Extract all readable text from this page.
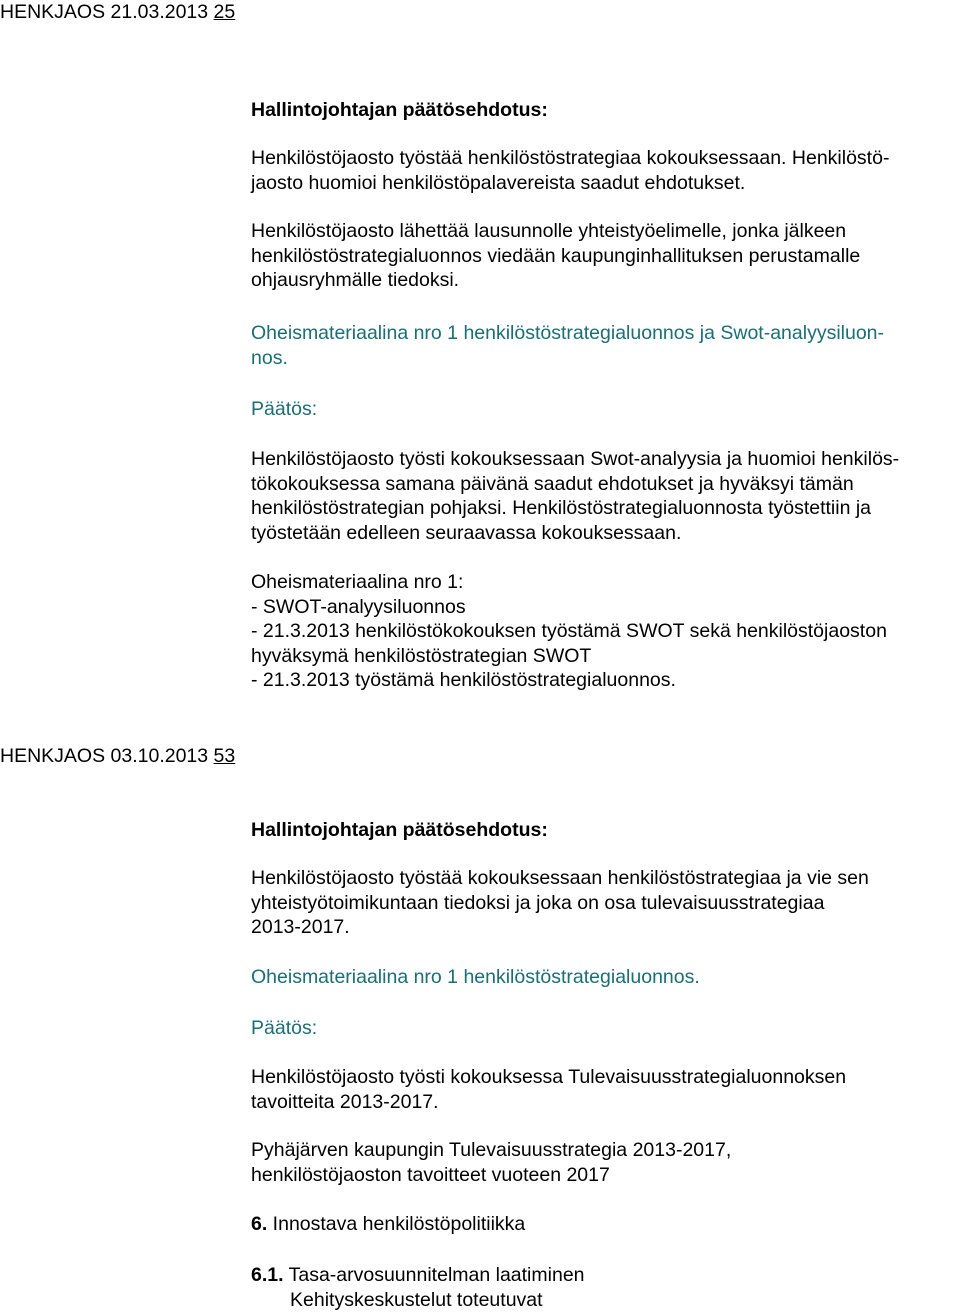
HENKJAOS 21.03.2013 25
Hallintojohtajan päätösehdotus:
Henkilöstöjaosto työstää henkilöstöstrategiaa kokouksessaan. Henkilöstö-
jaosto huomioi henkilöstöpalavereista saadut ehdotukset.
Henkilöstöjaosto lähettää lausunnolle yhteistyöelimelle, jonka jälkeen
henkilöstöstrategialuonnos viedään kaupunginhallituksen perustamalle
ohjausryhmälle tiedoksi.
Oheismateriaalina nro 1 henkilöstöstrategialuonnos ja Swot-analyysiluon-
nos.
Päätös:
Henkilöstöjaosto työsti kokouksessaan Swot-analyysia ja huomioi henkilös-
tökokouksessa samana päivänä saadut ehdotukset ja hyväksyi tämän
henkilöstöstrategian pohjaksi. Henkilöstöstrategialuonnosta työstettiin ja
työstetään edelleen seuraavassa kokouksessaan.
Oheismateriaalina nro 1:
- SWOT-analyysiluonnos
- 21.3.2013 henkilöstökokouksen työstämä SWOT sekä henkilöstöjaoston
hyväksymä henkilöstöstrategian SWOT
- 21.3.2013 työstämä henkilöstöstrategialuonnos.
HENKJAOS 03.10.2013 53
Hallintojohtajan päätösehdotus:
Henkilöstöjaosto työstää kokouksessaan henkilöstöstrategiaa ja vie sen
yhteistyötoimikuntaan tiedoksi ja joka on osa tulevaisuusstrategiaa
2013-2017.
Oheismateriaalina nro 1 henkilöstöstrategialuonnos.
Päätös:
Henkilöstöjaosto työsti kokouksessa Tulevaisuusstrategialuonnoksen
tavoitteita 2013-2017.
Pyhäjärven kaupungin Tulevaisuusstrategia 2013-2017,
henkilöstöjaoston tavoitteet vuoteen 2017
6. Innostava henkilöstöpolitiikka
6.1. Tasa-arvosuunnitelman laatiminen
Kehityskeskustelut toteutuvat
